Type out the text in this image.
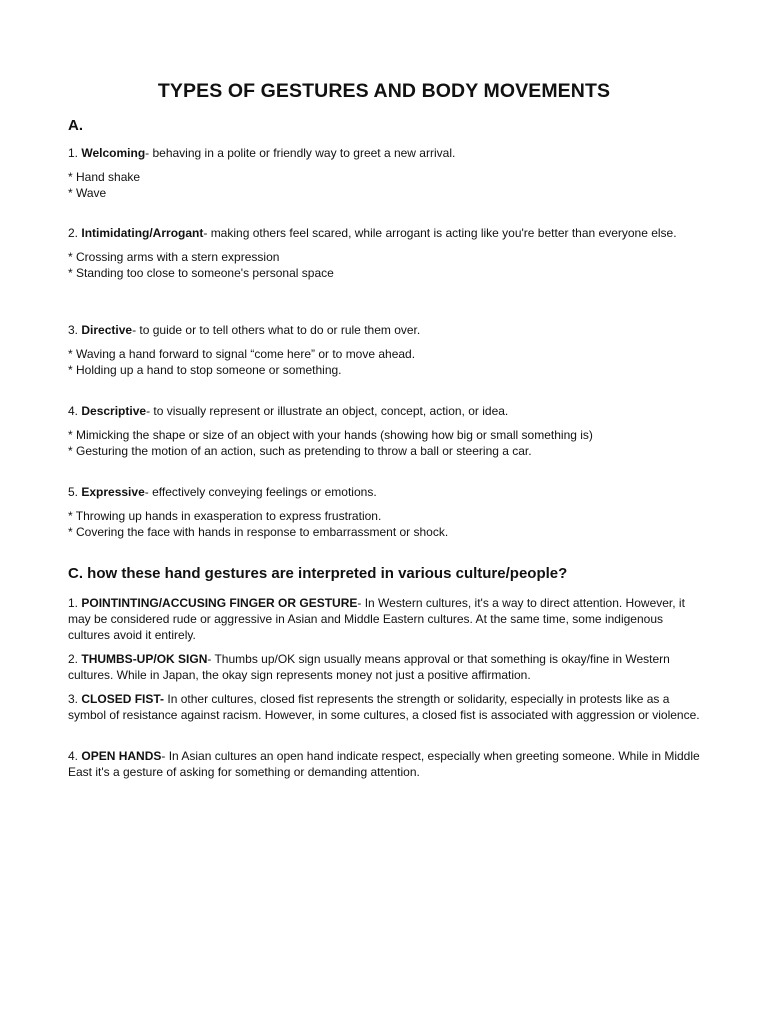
TYPES OF GESTURES AND BODY MOVEMENTS
A.

1. Welcoming- behaving in a polite or friendly way to greet a new arrival.

* Hand shake
* Wave

2. Intimidating/Arrogant- making others feel scared, while arrogant is acting like you're better than everyone else.

* Crossing arms with a stern expression
* Standing too close to someone's personal space

3. Directive- to guide or to tell others what to do or rule them over.

* Waving a hand forward to signal “come here” or to move ahead.
* Holding up a hand to stop someone or something.

4. Descriptive- to visually represent or illustrate an object, concept, action, or idea.

* Mimicking the shape or size of an object with your hands (showing how big or small something is)
* Gesturing the motion of an action, such as pretending to throw a ball or steering a car.

5. Expressive- effectively conveying feelings or emotions.

* Throwing up hands in exasperation to express frustration.
* Covering the face with hands in response to embarrassment or shock.
C. how these hand gestures are interpreted in various culture/people?

1. POINTINTING/ACCUSING FINGER OR GESTURE- In Western cultures, it's a way to direct attention. However, it may be considered rude or aggressive in Asian and Middle Eastern cultures. At the same time, some indigenous cultures avoid it entirely.

2. THUMBS-UP/OK SIGN- Thumbs up/OK sign usually means approval or that something is okay/fine in Western cultures. While in Japan, the okay sign represents money not just a positive affirmation.

3. CLOSED FIST- In other cultures, closed fist represents the strength or solidarity, especially in protests like as a symbol of resistance against racism. However, in some cultures, a closed fist is associated with aggression or violence.

4. OPEN HANDS- In Asian cultures an open hand indicate respect, especially when greeting someone. While in Middle East it's a gesture of asking for something or demanding attention.
